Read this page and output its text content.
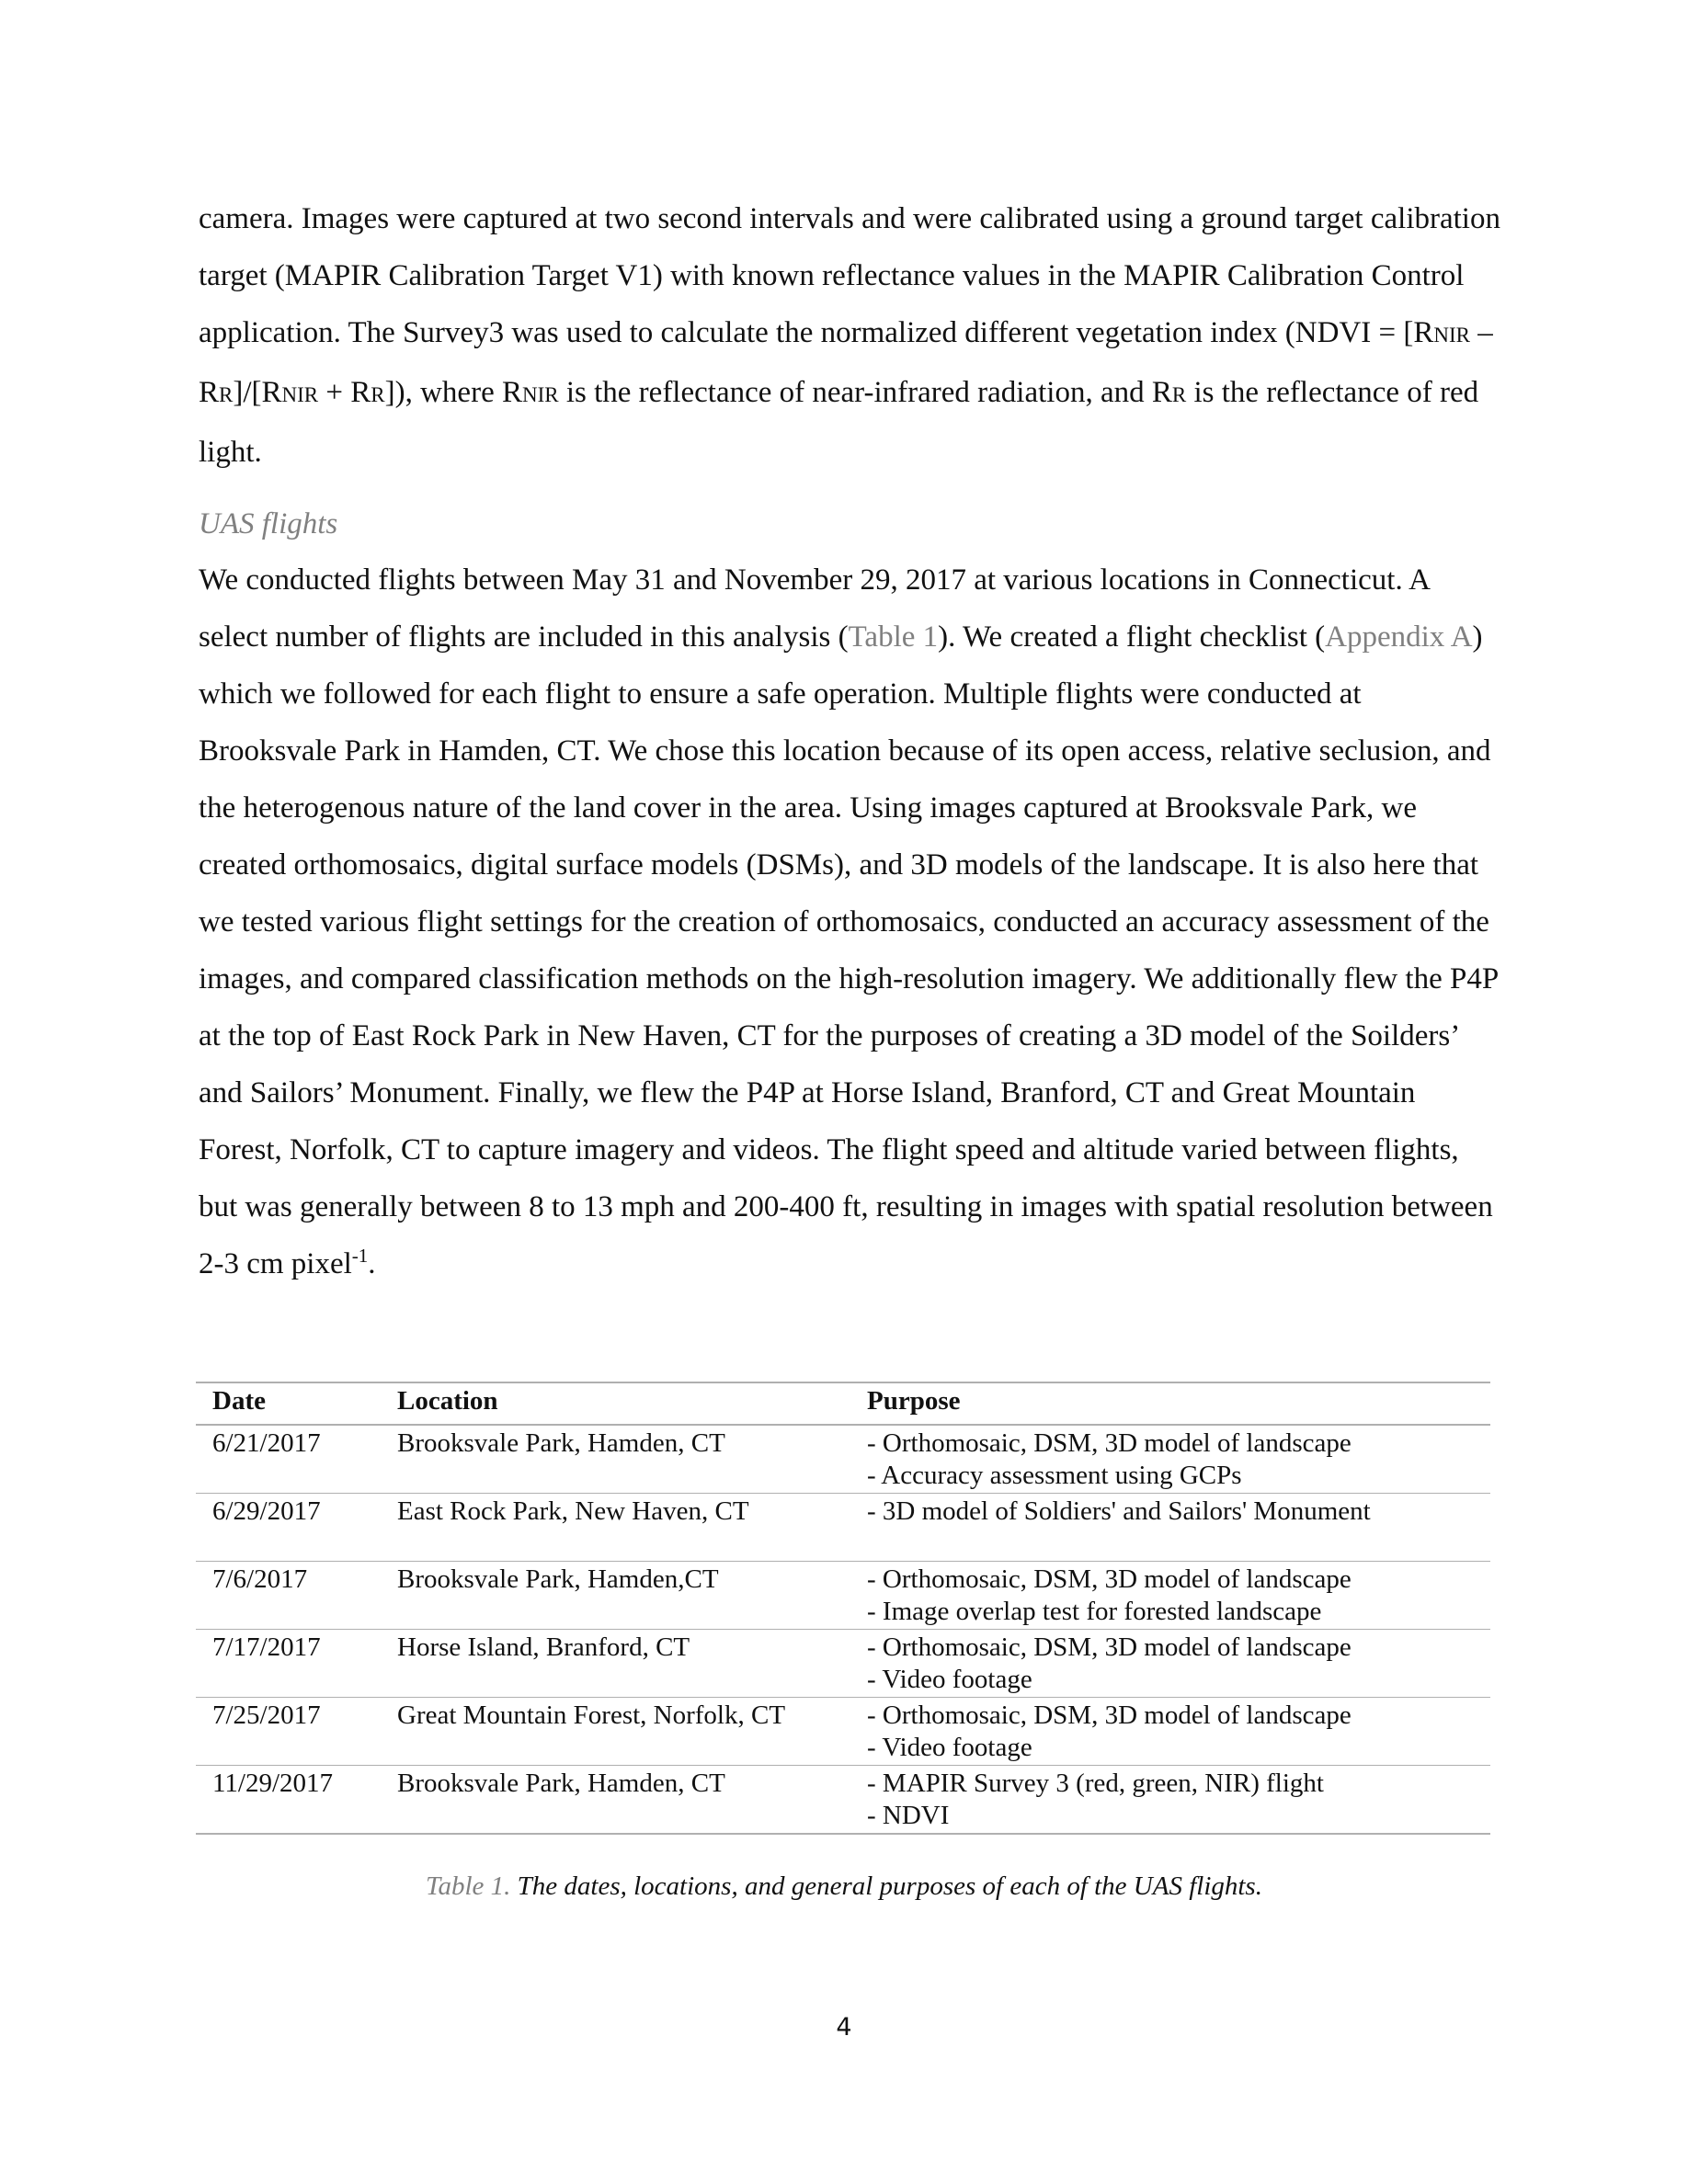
camera. Images were captured at two second intervals and were calibrated using a ground target calibration target (MAPIR Calibration Target V1) with known reflectance values in the MAPIR Calibration Control application. The Survey3 was used to calculate the normalized different vegetation index (NDVI = [RNIR – RR]/[RNIR + RR]), where RNIR is the reflectance of near-infrared radiation, and RR is the reflectance of red light.

UAS flights

We conducted flights between May 31 and November 29, 2017 at various locations in Connecticut. A select number of flights are included in this analysis (Table 1). We created a flight checklist (Appendix A) which we followed for each flight to ensure a safe operation. Multiple flights were conducted at Brooksvale Park in Hamden, CT. We chose this location because of its open access, relative seclusion, and the heterogenous nature of the land cover in the area. Using images captured at Brooksvale Park, we created orthomosaics, digital surface models (DSMs), and 3D models of the landscape. It is also here that we tested various flight settings for the creation of orthomosaics, conducted an accuracy assessment of the images, and compared classification methods on the high-resolution imagery. We additionally flew the P4P at the top of East Rock Park in New Haven, CT for the purposes of creating a 3D model of the Soilders’ and Sailors’ Monument. Finally, we flew the P4P at Horse Island, Branford, CT and Great Mountain Forest, Norfolk, CT to capture imagery and videos. The flight speed and altitude varied between flights, but was generally between 8 to 13 mph and 200-400 ft, resulting in images with spatial resolution between 2-3 cm pixel$^{-1}$.

Date	Location	Purpose
6/21/2017	Brooksvale Park, Hamden, CT	- Orthomosaic, DSM, 3D model of landscape
- Accuracy assessment using GCPs

6/29/2017	East Rock Park, New Haven, CT	- 3D model of Soldiers' and Sailors' Monument

7/6/2017	Brooksvale Park, Hamden,CT	- Orthomosaic, DSM, 3D model of landscape
- Image overlap test for forested landscape

7/17/2017	Horse Island, Branford, CT	- Orthomosaic, DSM, 3D model of landscape
- Video footage

7/25/2017	Great Mountain Forest, Norfolk, CT	- Orthomosaic, DSM, 3D model of landscape
- Video footage

11/29/2017	Brooksvale Park, Hamden, CT	- MAPIR Survey 3 (red, green, NIR) flight
- NDVI

Table 1. The dates, locations, and general purposes of each of the UAS flights.

4
